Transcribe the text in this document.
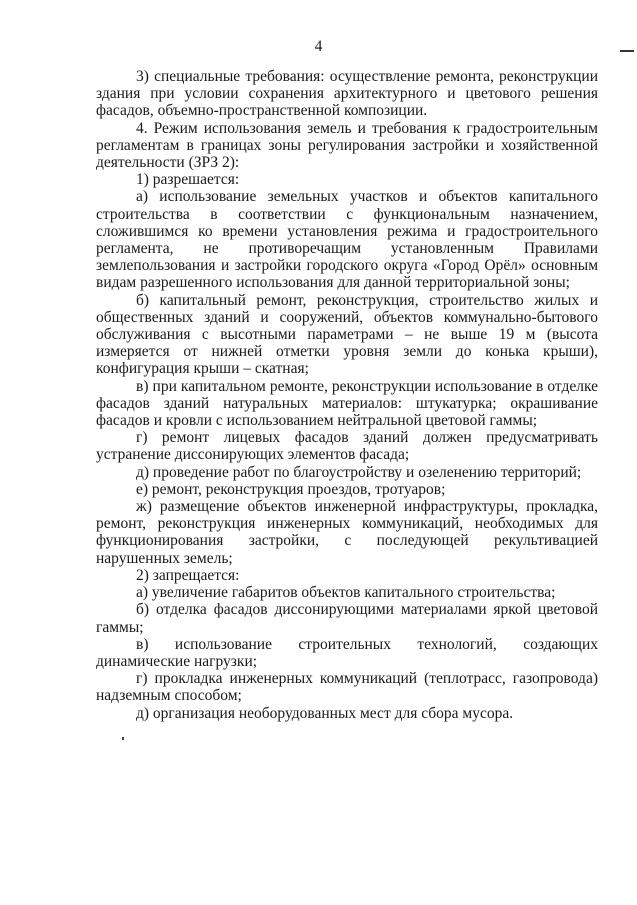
4

3) специальные требования: осуществление ремонта, реконструкции здания при условии сохранения архитектурного и цветового решения фасадов, объемно-пространственной композиции.

4. Режим использования земель и требования к градостроительным регламентам в границах зоны регулирования застройки и хозяйственной деятельности (ЗРЗ 2):

1) разрешается:

а) использование земельных участков и объектов капитального строительства в соответствии с функциональным назначением, сложившимся ко времени установления режима и градостроительного регламента, не противоречащим установленным Правилами землепользования и застройки городского округа «Город Орёл» основным видам разрешенного использования для данной территориальной зоны;

б) капитальный ремонт, реконструкция, строительство жилых и общественных зданий и сооружений, объектов коммунально-бытового обслуживания с высотными параметрами – не выше 19 м (высота измеряется от нижней отметки уровня земли до конька крыши), конфигурация крыши – скатная;

в) при капитальном ремонте, реконструкции использование в отделке фасадов зданий натуральных материалов: штукатурка; окрашивание фасадов и кровли с использованием нейтральной цветовой гаммы;

г) ремонт лицевых фасадов зданий должен предусматривать устранение диссонирующих элементов фасада;

д) проведение работ по благоустройству и озеленению территорий;

е) ремонт, реконструкция проездов, тротуаров;

ж) размещение объектов инженерной инфраструктуры, прокладка, ремонт, реконструкция инженерных коммуникаций, необходимых для функционирования застройки, с последующей рекультивацией нарушенных земель;

2) запрещается:

а) увеличение габаритов объектов капитального строительства;

б) отделка фасадов диссонирующими материалами яркой цветовой гаммы;

в) использование строительных технологий, создающих динамические нагрузки;

г) прокладка инженерных коммуникаций (теплотрасс, газопровода) надземным способом;

д) организация необорудованных мест для сбора мусора.
